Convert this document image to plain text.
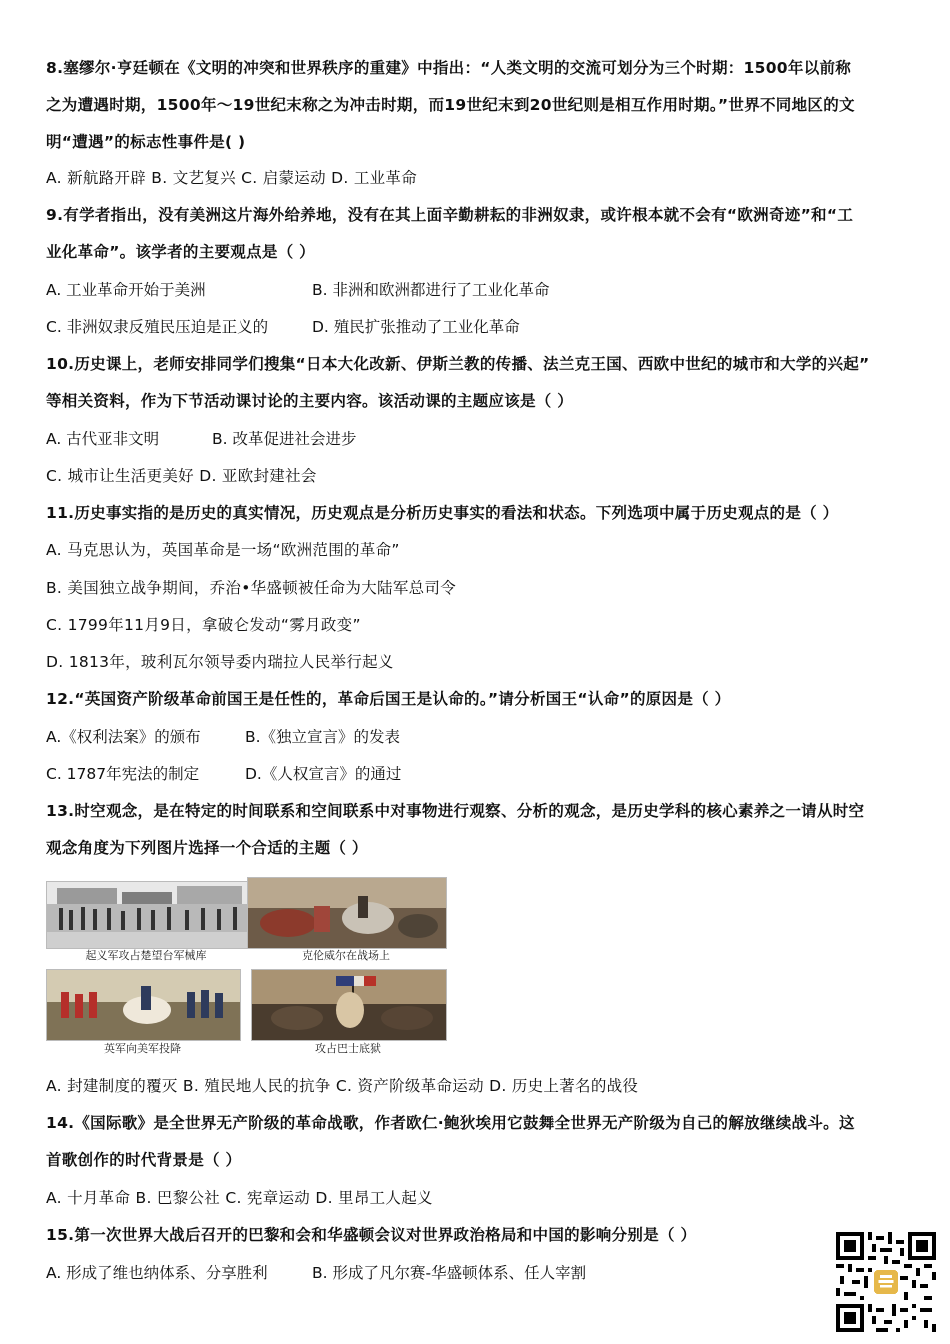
8.塞缪尔·亨廷顿在《文明的冲突和世界秩序的重建》中指出：“人类文明的交流可划分为三个时期：1500年以前称

之为遭遇时期，1500年～19世纪末称之为冲击时期，而19世纪末到20世纪则是相互作用时期。”世界不同地区的文

明“遭遇”的标志性事件是( )

A. 新航路开辟 B. 文艺复兴 C. 启蒙运动 D. 工业革命

9.有学者指出，没有美洲这片海外给养地，没有在其上面辛勤耕耘的非洲奴隶，或许根本就不会有“欧洲奇迹”和“工

业化革命”。该学者的主要观点是（ ）

A. 工业革命开始于美洲	B. 非洲和欧洲都进行了工业化革命
C. 非洲奴隶反殖民压迫是正义的	D. 殖民扩张推动了工业化革命

10.历史课上，老师安排同学们搜集“日本大化改新、伊斯兰教的传播、法兰克王国、西欧中世纪的城市和大学的兴起”

等相关资料，作为下节活动课讨论的主要内容。该活动课的主题应该是（ ）

A. 古代亚非文明	B. 改革促进社会进步

C. 城市让生活更美好 D. 亚欧封建社会

11.历史事实指的是历史的真实情况，历史观点是分析历史事实的看法和状态。下列选项中属于历史观点的是（ ）

A. 马克思认为，英国革命是一场“欧洲范围的革命”

B. 美国独立战争期间，乔治•华盛顿被任命为大陆军总司令

C. 1799年11月9日，拿破仑发动“雾月政变”

D. 1813年，玻利瓦尔领导委内瑞拉人民举行起义

12.“英国资产阶级革命前国王是任性的，革命后国王是认命的。”请分析国王“认命”的原因是（ ）

A.《权利法案》的颁布	B.《独立宣言》的发表
C. 1787年宪法的制定	D.《人权宣言》的通过

13.时空观念，是在特定的时间联系和空间联系中对事物进行观察、分析的观念，是历史学科的核心素养之一请从时空

观念角度为下列图片选择一个合适的主题（ ）

起义军攻占楚望台军械库	克伦威尔在战场上
英军向美军投降	攻占巴士底狱

A. 封建制度的覆灭 B. 殖民地人民的抗争 C. 资产阶级革命运动 D. 历史上著名的战役

14.《国际歌》是全世界无产阶级的革命战歌，作者欧仁·鲍狄埃用它鼓舞全世界无产阶级为自己的解放继续战斗。这

首歌创作的时代背景是（ ）

A. 十月革命 B. 巴黎公社 C. 宪章运动 D. 里昂工人起义

15.第一次世界大战后召开的巴黎和会和华盛顿会议对世界政治格局和中国的影响分别是（ ）

A. 形成了维也纳体系、分享胜利	B. 形成了凡尔赛-华盛顿体系、任人宰割
